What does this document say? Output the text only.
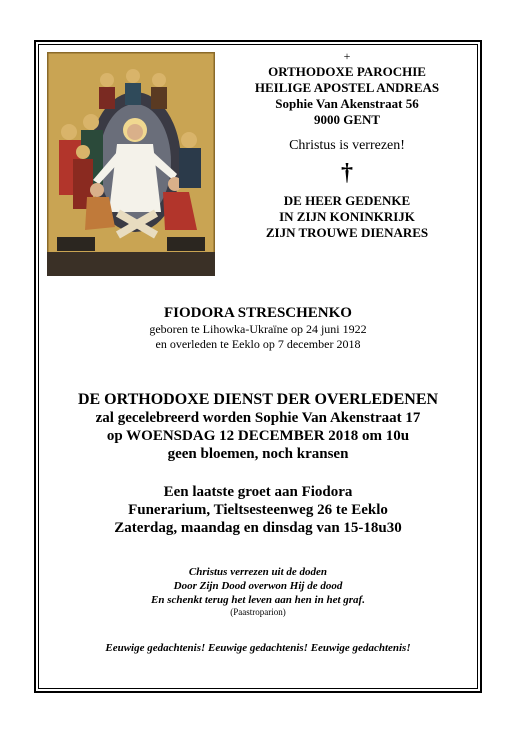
+
ORTHODOXE PAROCHIE
HEILIGE APOSTEL ANDREAS
Sophie Van Akenstraat 56
9000 GENT
Christus is verrezen!
†
DE HEER GEDENKE
IN ZIJN KONINKRIJK
ZIJN TROUWE DIENARES
FIODORA STRESCHENKO
geboren te Lihowka-Ukraïne op 24 juni 1922
en overleden te Eeklo op 7 december 2018
DE ORTHODOXE DIENST DER OVERLEDENEN
zal gecelebreerd worden Sophie Van Akenstraat 17
op WOENSDAG 12 DECEMBER 2018 om 10u
geen bloemen, noch kransen
Een laatste groet aan Fiodora
Funerarium, Tieltsesteenweg 26 te Eeklo
Zaterdag, maandag en dinsdag van 15-18u30
Christus verrezen uit de doden
Door Zijn Dood overwon Hij de dood
En schenkt terug het leven aan hen in het graf.
(Paastroparion)
Eeuwige gedachtenis! Eeuwige gedachtenis! Eeuwige gedachtenis!
